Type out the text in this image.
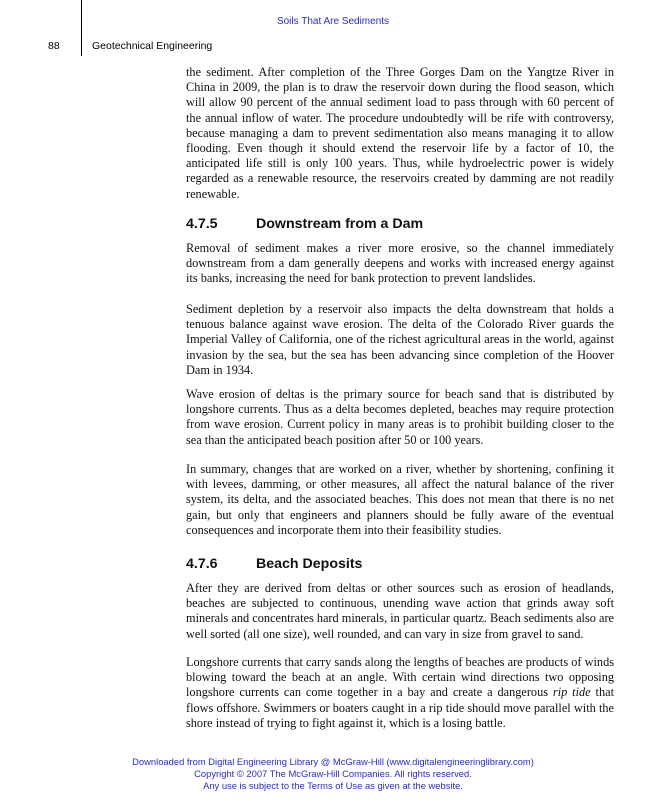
Soils That Are Sediments
88	Geotechnical Engineering

the sediment. After completion of the Three Gorges Dam on the Yangtze River in China in 2009, the plan is to draw the reservoir down during the flood season, which will allow 90 percent of the annual sediment load to pass through with 60 percent of the annual inflow of water. The procedure undoubtedly will be rife with controversy, because managing a dam to prevent sedimentation also means managing it to allow flooding. Even though it should extend the reservoir life by a factor of 10, the anticipated life still is only 100 years. Thus, while hydroelectric power is widely regarded as a renewable resource, the reservoirs created by damming are not readily renewable.

4.7.5	Downstream from a Dam

Removal of sediment makes a river more erosive, so the channel immediately downstream from a dam generally deepens and works with increased energy against its banks, increasing the need for bank protection to prevent landslides.

Sediment depletion by a reservoir also impacts the delta downstream that holds a tenuous balance against wave erosion. The delta of the Colorado River guards the Imperial Valley of California, one of the richest agricultural areas in the world, against invasion by the sea, but the sea has been advancing since completion of the Hoover Dam in 1934.

Wave erosion of deltas is the primary source for beach sand that is distributed by longshore currents. Thus as a delta becomes depleted, beaches may require protection from wave erosion. Current policy in many areas is to prohibit building closer to the sea than the anticipated beach position after 50 or 100 years.

In summary, changes that are worked on a river, whether by shortening, confining it with levees, damming, or other measures, all affect the natural balance of the river system, its delta, and the associated beaches. This does not mean that there is no net gain, but only that engineers and planners should be fully aware of the eventual consequences and incorporate them into their feasibility studies.

4.7.6	Beach Deposits

After they are derived from deltas or other sources such as erosion of headlands, beaches are subjected to continuous, unending wave action that grinds away soft minerals and concentrates hard minerals, in particular quartz. Beach sediments also are well sorted (all one size), well rounded, and can vary in size from gravel to sand.

Longshore currents that carry sands along the lengths of beaches are products of winds blowing toward the beach at an angle. With certain wind directions two opposing longshore currents can come together in a bay and create a dangerous rip tide that flows offshore. Swimmers or boaters caught in a rip tide should move parallel with the shore instead of trying to fight against it, which is a losing battle.

Downloaded from Digital Engineering Library @ McGraw-Hill (www.digitalengineeringlibrary.com)
Copyright © 2007 The McGraw-Hill Companies. All rights reserved.
Any use is subject to the Terms of Use as given at the website.
